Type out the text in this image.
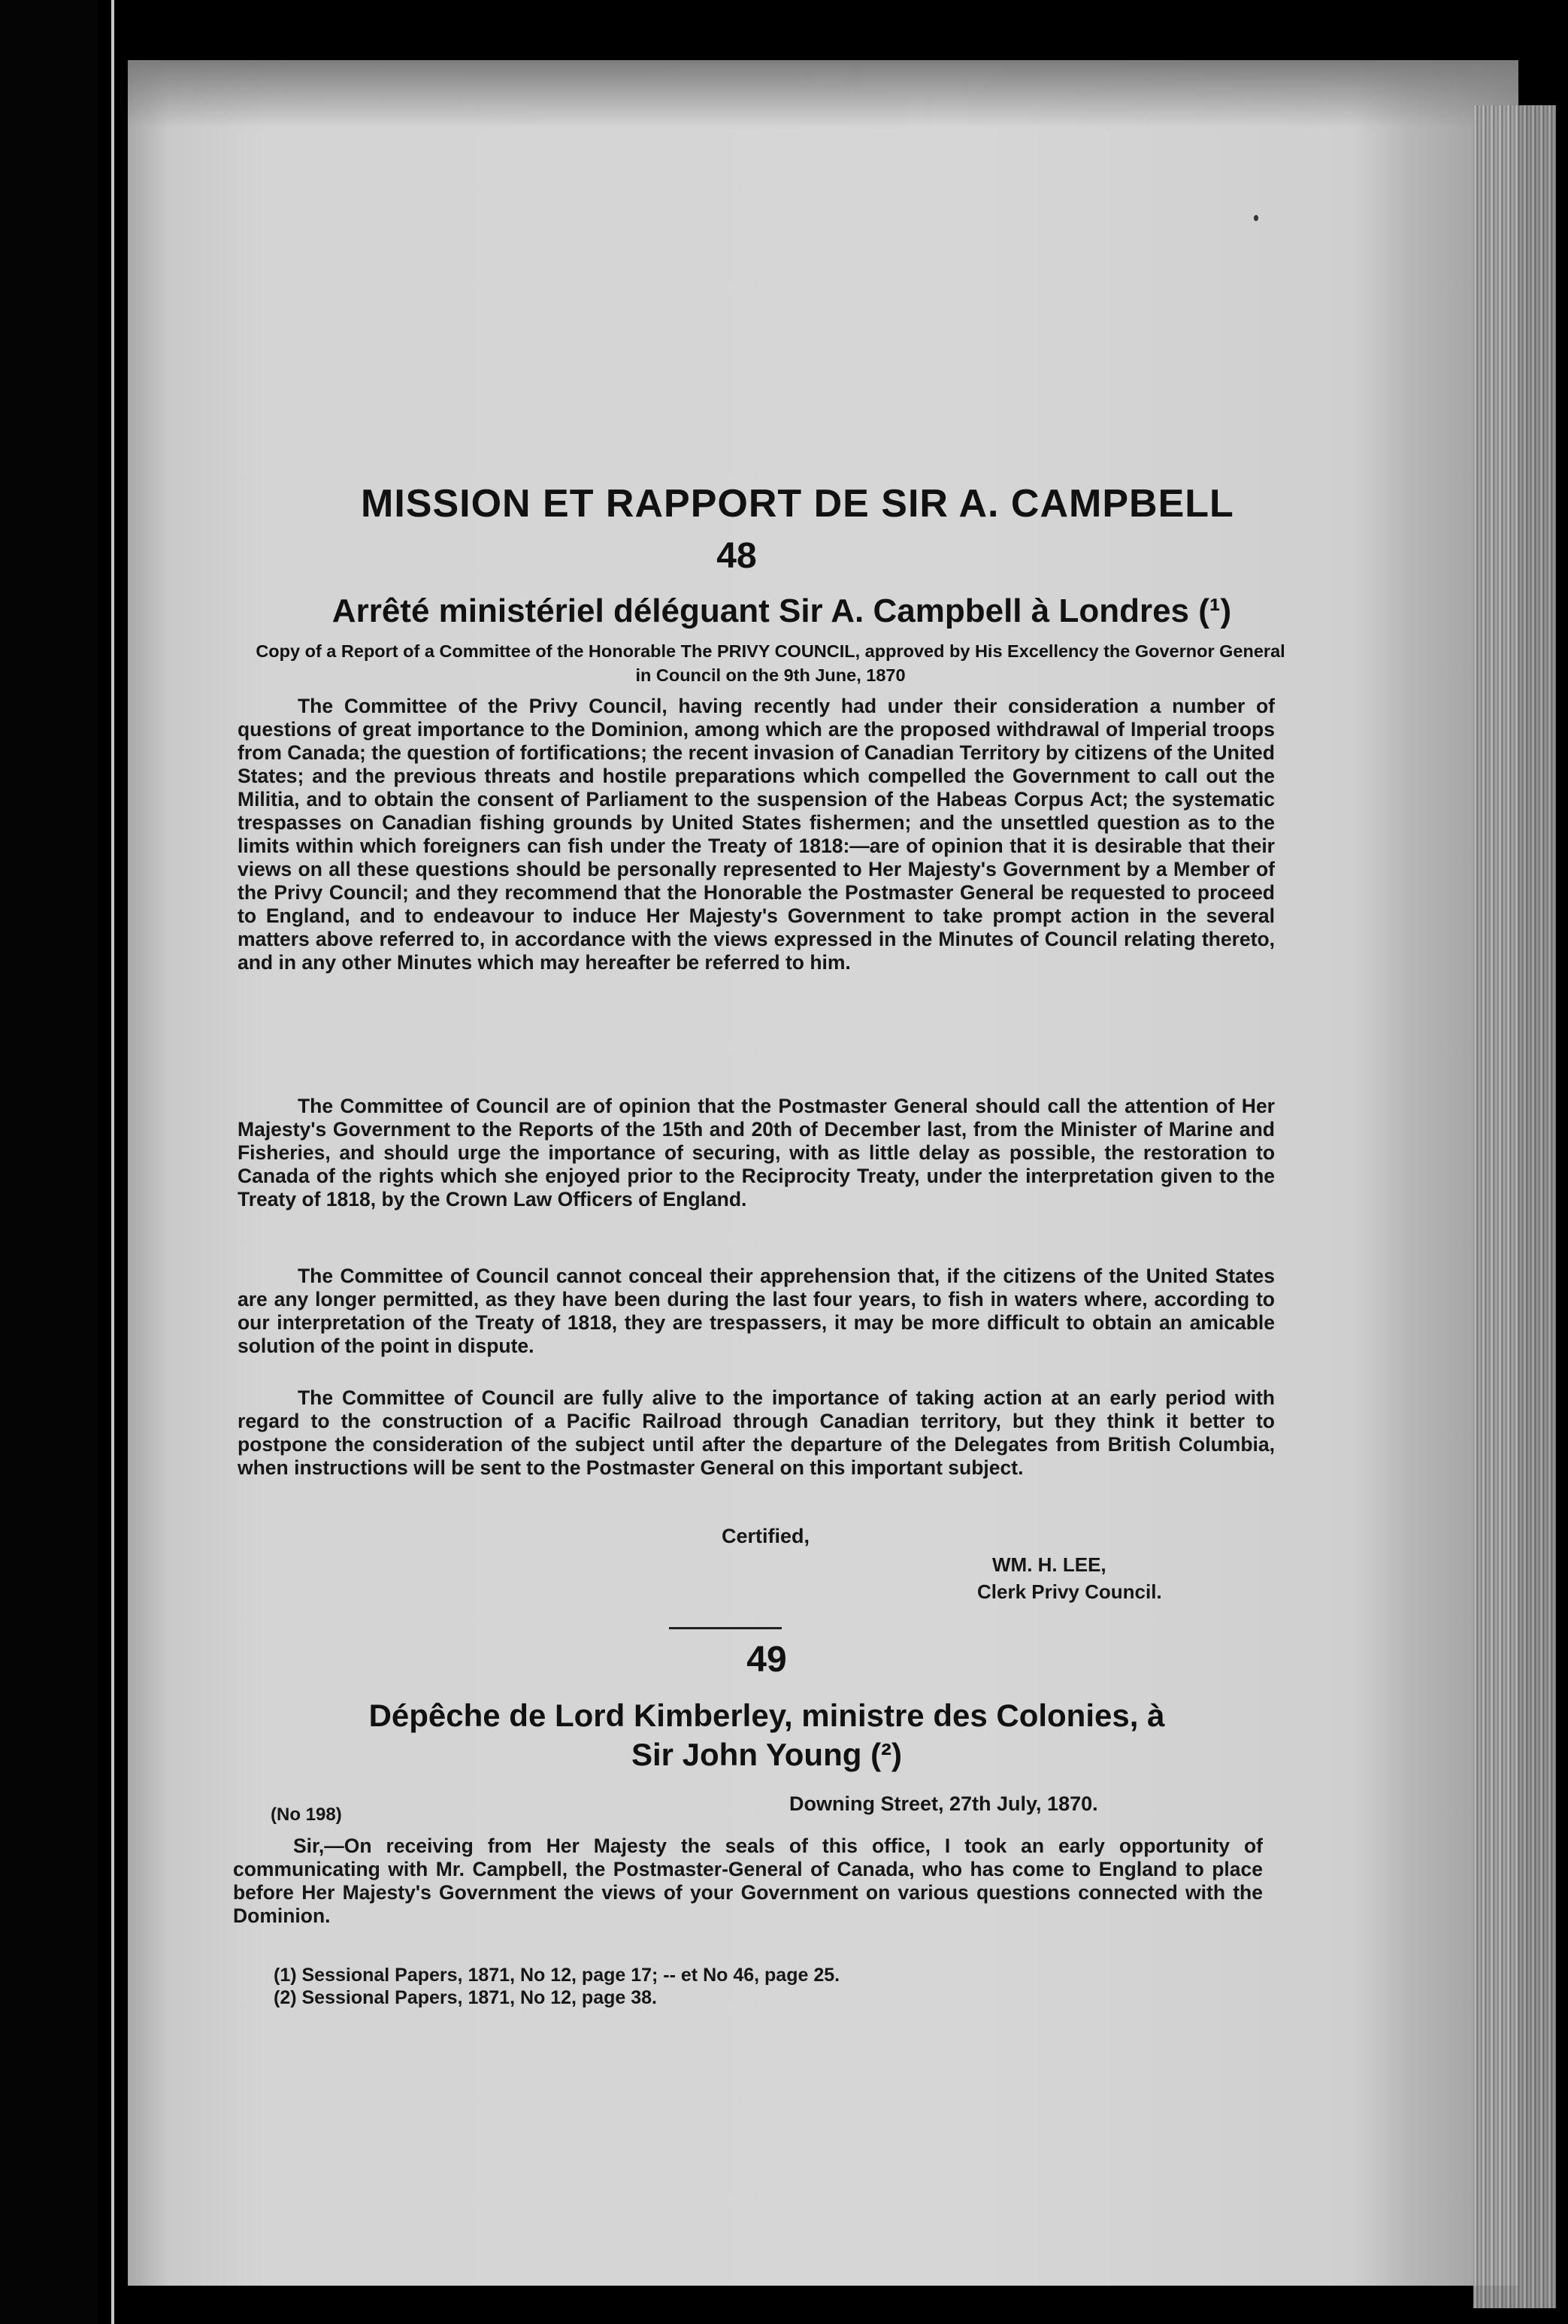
MISSION ET RAPPORT DE SIR A. CAMPBELL
48
Arrêté ministériel déléguant Sir A. Campbell à Londres (¹)
Copy of a Report of a Committee of the Honorable The PRIVY COUNCIL, approved by His Excellency the Governor General in Council on the 9th June, 1870

The Committee of the Privy Council, having recently had under their consideration a number of questions of great importance to the Dominion, among which are the proposed withdrawal of Imperial troops from Canada; the question of fortifications; the recent invasion of Canadian Territory by citizens of the United States; and the previous threats and hostile preparations which compelled the Government to call out the Militia, and to obtain the consent of Parliament to the suspension of the Habeas Corpus Act; the systematic trespasses on Canadian fishing grounds by United States fishermen; and the unsettled question as to the limits within which foreigners can fish under the Treaty of 1818:—are of opinion that it is desirable that their views on all these questions should be personally represented to Her Majesty's Government by a Member of the Privy Council; and they recommend that the Honorable the Postmaster General be requested to proceed to England, and to endeavour to induce Her Majesty's Government to take prompt action in the several matters above referred to, in accordance with the views expressed in the Minutes of Council relating thereto, and in any other Minutes which may hereafter be referred to him.

The Committee of Council are of opinion that the Postmaster General should call the attention of Her Majesty's Government to the Reports of the 15th and 20th of December last, from the Minister of Marine and Fisheries, and should urge the importance of securing, with as little delay as possible, the restoration to Canada of the rights which she enjoyed prior to the Reciprocity Treaty, under the interpretation given to the Treaty of 1818, by the Crown Law Officers of England.

The Committee of Council cannot conceal their apprehension that, if the citizens of the United States are any longer permitted, as they have been during the last four years, to fish in waters where, according to our interpretation of the Treaty of 1818, they are trespassers, it may be more difficult to obtain an amicable solution of the point in dispute.

The Committee of Council are fully alive to the importance of taking action at an early period with regard to the construction of a Pacific Railroad through Canadian territory, but they think it better to postpone the consideration of the subject until after the departure of the Delegates from British Columbia, when instructions will be sent to the Postmaster General on this important subject.

Certified,
WM. H. LEE,
Clerk Privy Council.
49
Dépêche de Lord Kimberley, ministre des Colonies, à
Sir John Young (²)
Downing Street, 27th July, 1870.
(No 198)

Sir,—On receiving from Her Majesty the seals of this office, I took an early opportunity of communicating with Mr. Campbell, the Postmaster-General of Canada, who has come to England to place before Her Majesty's Government the views of your Government on various questions connected with the Dominion.

(1) Sessional Papers, 1871, No 12, page 17; -- et No 46, page 25.
(2) Sessional Papers, 1871, No 12, page 38.
